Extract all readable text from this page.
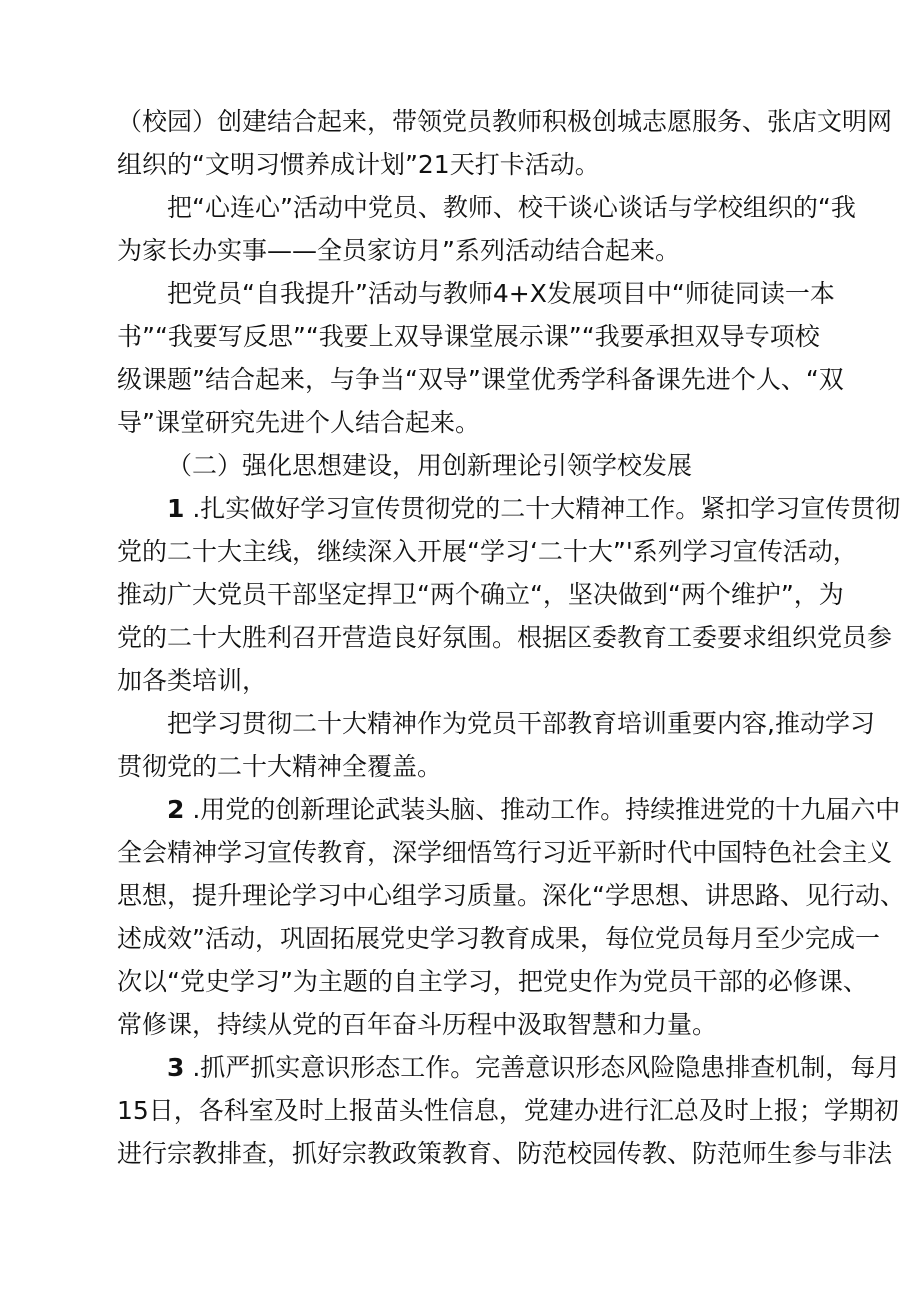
（校园）创建结合起来，带领党员教师积极创城志愿服务、张店文明网
组织的“文明习惯养成计划”21天打卡活动。
把“心连心”活动中党员、教师、校干谈心谈话与学校组织的“我
为家长办实事——全员家访月”系列活动结合起来。
把党员“自我提升”活动与教师4+X发展项目中“师徒同读一本
书”“我要写反思”“我要上双导课堂展示课”“我要承担双导专项校
级课题”结合起来，与争当“双导”课堂优秀学科备课先进个人、“双
导”课堂研究先进个人结合起来。
（二）强化思想建设，用创新理论引领学校发展
1 .扎实做好学习宣传贯彻党的二十大精神工作。紧扣学习宣传贯彻
党的二十大主线，继续深入开展“学习‘二十大”'系列学习宣传活动，
推动广大党员干部坚定捍卫“两个确立“，坚决做到“两个维护”，为
党的二十大胜利召开营造良好氛围。根据区委教育工委要求组织党员参
加各类培训，
把学习贯彻二十大精神作为党员干部教育培训重要内容,推动学习
贯彻党的二十大精神全覆盖。
2 .用党的创新理论武装头脑、推动工作。持续推进党的十九届六中
全会精神学习宣传教育，深学细悟笃行习近平新时代中国特色社会主义
思想，提升理论学习中心组学习质量。深化“学思想、讲思路、见行动、
述成效”活动，巩固拓展党史学习教育成果，每位党员每月至少完成一
次以“党史学习”为主题的自主学习，把党史作为党员干部的必修课、
常修课，持续从党的百年奋斗历程中汲取智慧和力量。
3 .抓严抓实意识形态工作。完善意识形态风险隐患排查机制，每月
15日，各科室及时上报苗头性信息，党建办进行汇总及时上报；学期初
进行宗教排查，抓好宗教政策教育、防范校园传教、防范师生参与非法
